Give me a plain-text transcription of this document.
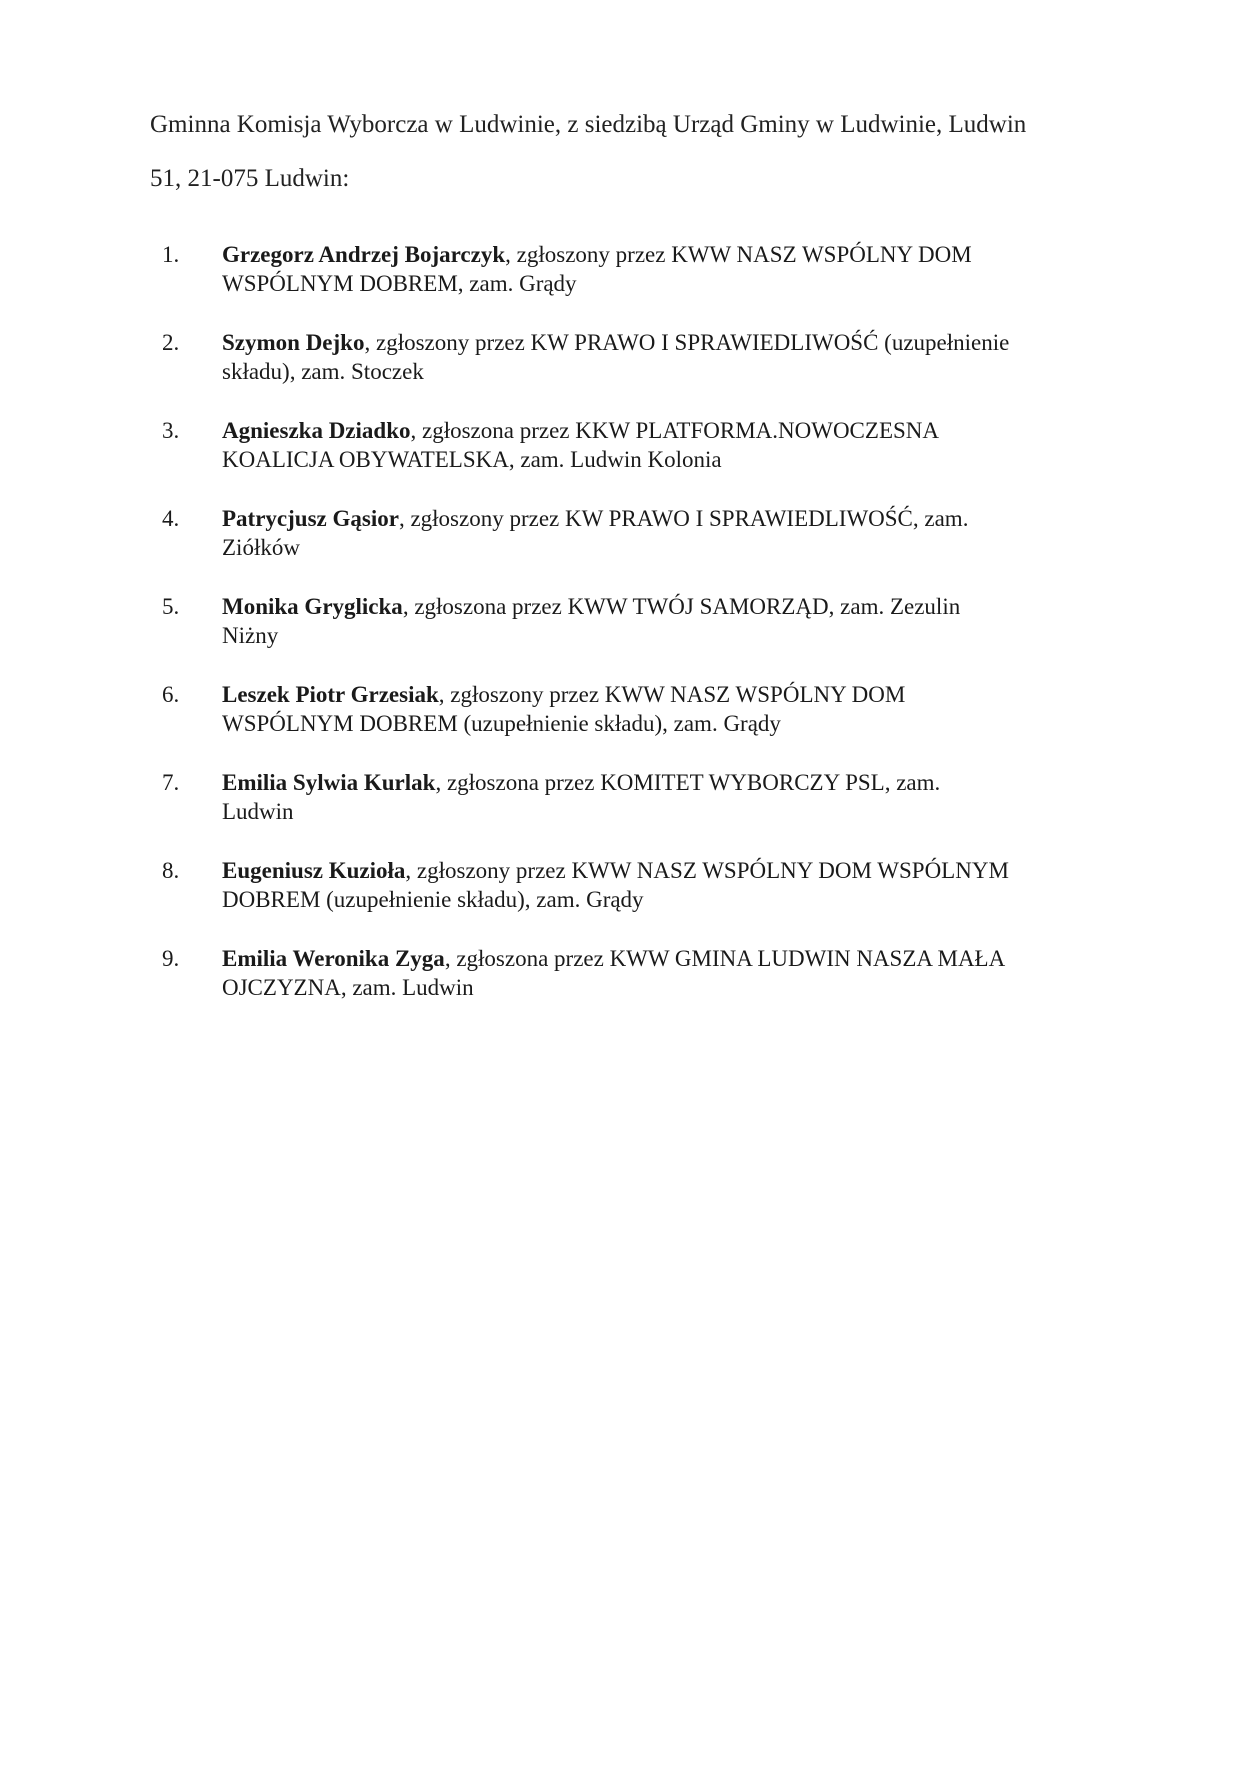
Gminna Komisja Wyborcza w Ludwinie, z siedzibą Urząd Gminy w Ludwinie, Ludwin
51, 21-075 Ludwin:
1.	Grzegorz Andrzej Bojarczyk, zgłoszony przez KWW NASZ WSPÓLNY DOM
WSPÓLNYM DOBREM, zam. Grądy
2.	Szymon Dejko, zgłoszony przez KW PRAWO I SPRAWIEDLIWOŚĆ (uzupełnienie
składu), zam. Stoczek
3.	Agnieszka Dziadko, zgłoszona przez KKW PLATFORMA.NOWOCZESNA
KOALICJA OBYWATELSKA, zam. Ludwin Kolonia
4.	Patrycjusz Gąsior, zgłoszony przez KW PRAWO I SPRAWIEDLIWOŚĆ, zam.
Ziółków
5.	Monika Gryglicka, zgłoszona przez KWW TWÓJ SAMORZĄD, zam. Zezulin
Niżny
6.	Leszek Piotr Grzesiak, zgłoszony przez KWW NASZ WSPÓLNY DOM
WSPÓLNYM DOBREM (uzupełnienie składu), zam. Grądy
7.	Emilia Sylwia Kurlak, zgłoszona przez KOMITET WYBORCZY PSL, zam.
Ludwin
8.	Eugeniusz Kuzioła, zgłoszony przez KWW NASZ WSPÓLNY DOM WSPÓLNYM
DOBREM (uzupełnienie składu), zam. Grądy
9.	Emilia Weronika Zyga, zgłoszona przez KWW GMINA LUDWIN NASZA MAŁA
OJCZYZNA, zam. Ludwin
